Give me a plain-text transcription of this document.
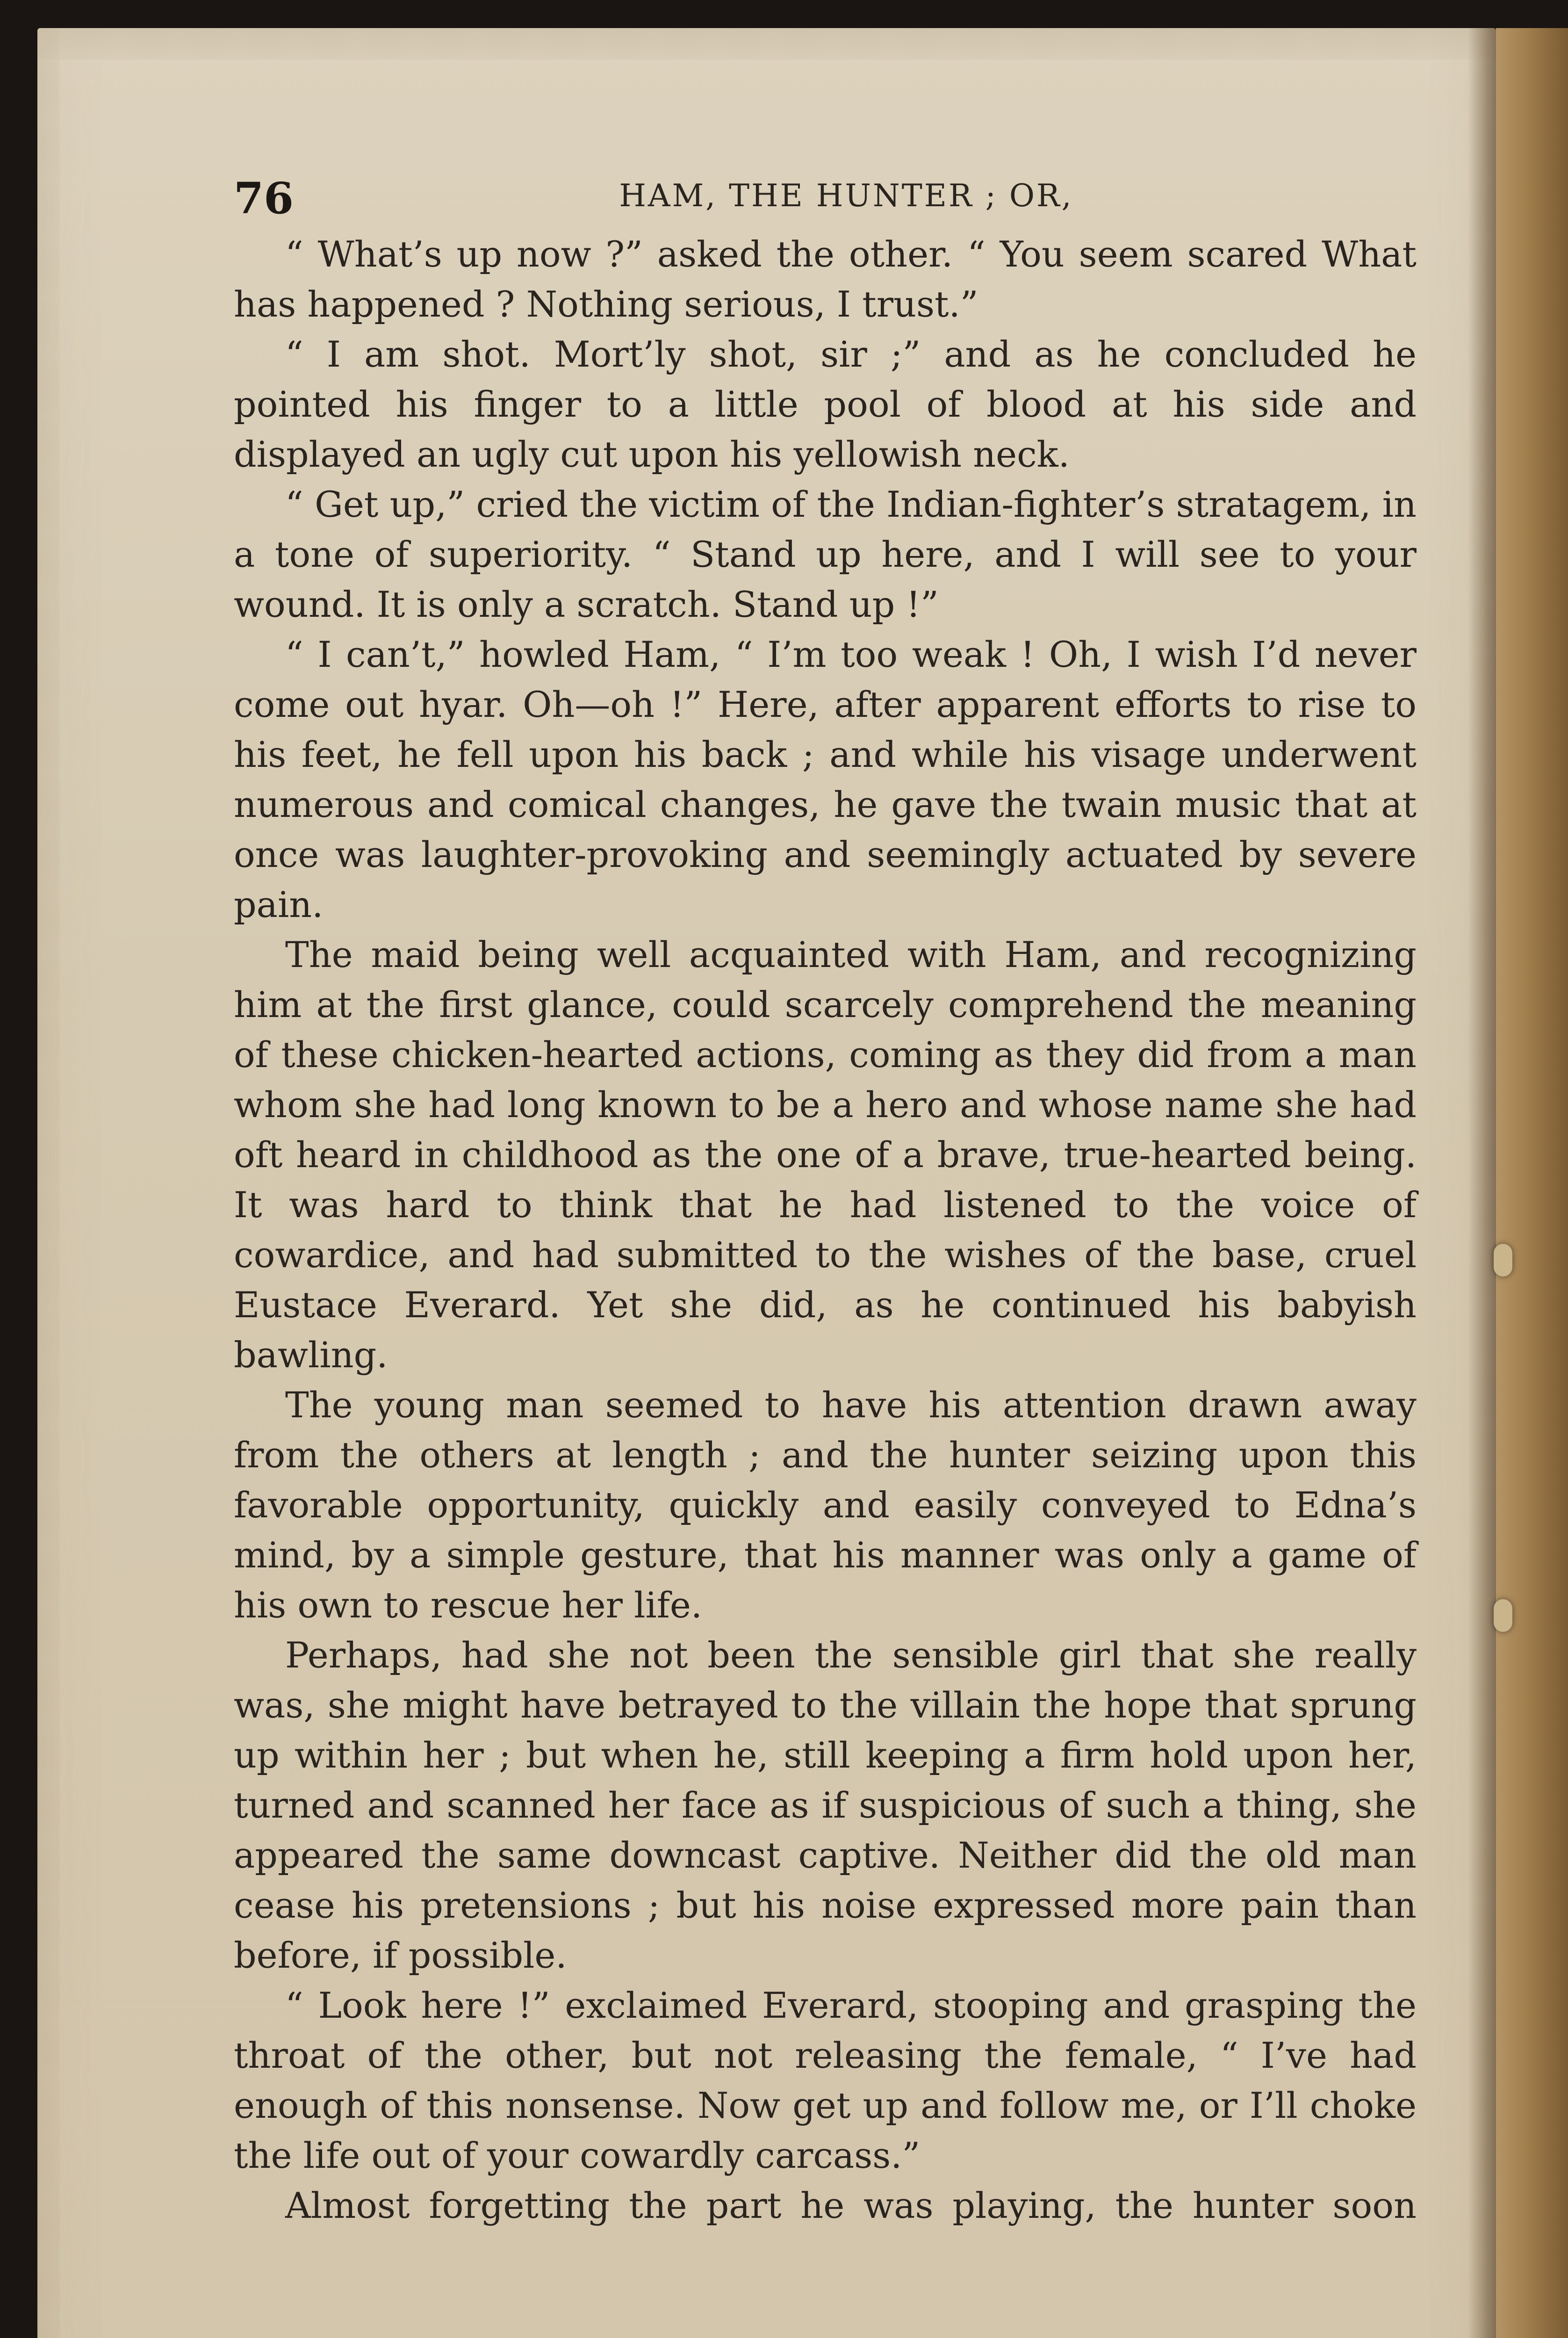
76	HAM, THE HUNTER ; OR,

“ What’s up now ?” asked the other. “ You seem scared What has happened ? Nothing serious, I trust.”

“ I am shot. Mort’ly shot, sir ;” and as he concluded he pointed his finger to a little pool of blood at his side and displayed an ugly cut upon his yellowish neck.

“ Get up,” cried the victim of the Indian-fighter’s stratagem, in a tone of superiority. “ Stand up here, and I will see to your wound. It is only a scratch. Stand up !”

“ I can’t,” howled Ham, “ I’m too weak ! Oh, I wish I’d never come out hyar. Oh—oh !” Here, after apparent efforts to rise to his feet, he fell upon his back ; and while his visage underwent numerous and comical changes, he gave the twain music that at once was laughter-provoking and seemingly actuated by severe pain.

The maid being well acquainted with Ham, and recognizing him at the first glance, could scarcely comprehend the meaning of these chicken-hearted actions, coming as they did from a man whom she had long known to be a hero and whose name she had oft heard in childhood as the one of a brave, true-hearted being. It was hard to think that he had listened to the voice of cowardice, and had submitted to the wishes of the base, cruel Eustace Everard. Yet she did, as he continued his babyish bawling.

The young man seemed to have his attention drawn away from the others at length ; and the hunter seizing upon this favorable opportunity, quickly and easily conveyed to Edna’s mind, by a simple gesture, that his manner was only a game of his own to rescue her life.

Perhaps, had she not been the sensible girl that she really was, she might have betrayed to the villain the hope that sprung up within her ; but when he, still keeping a firm hold upon her, turned and scanned her face as if suspicious of such a thing, she appeared the same downcast captive. Neither did the old man cease his pretensions ; but his noise expressed more pain than before, if possible.

“ Look here !” exclaimed Everard, stooping and grasping the throat of the other, but not releasing the female, “ I’ve had enough of this nonsense. Now get up and follow me, or I’ll choke the life out of your cowardly carcass.”

Almost forgetting the part he was playing, the hunter soon
